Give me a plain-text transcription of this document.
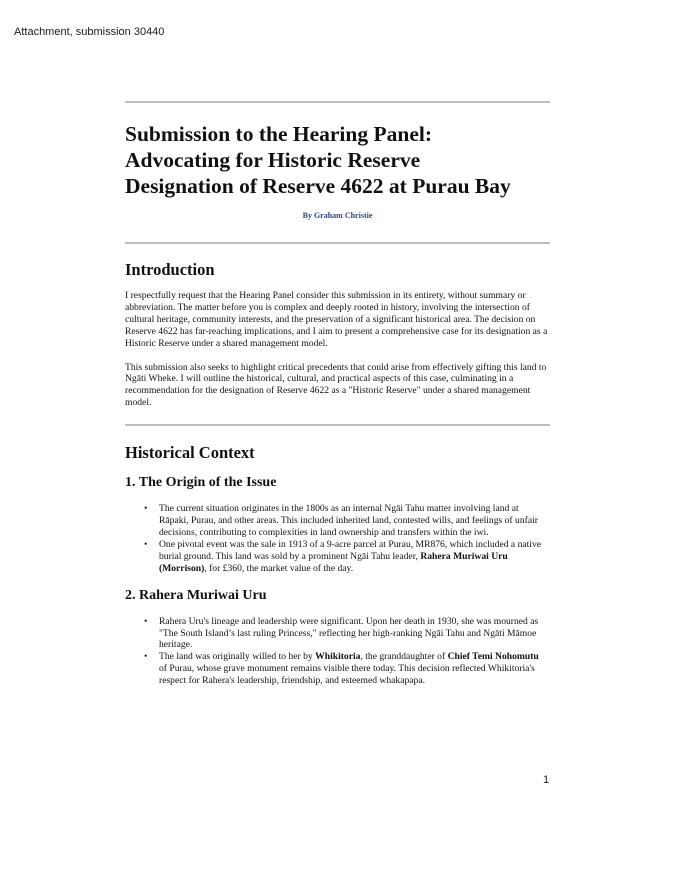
Attachment, submission 30440
Submission to the Hearing Panel:
Advocating for Historic Reserve
Designation of Reserve 4622 at Purau Bay
By Graham Christie
Introduction

I respectfully request that the Hearing Panel consider this submission in its entirety, without summary or abbreviation. The matter before you is complex and deeply rooted in history, involving the intersection of cultural heritage, community interests, and the preservation of a significant historical area. The decision on Reserve 4622 has far-reaching implications, and I aim to present a comprehensive case for its designation as a Historic Reserve under a shared management model.

This submission also seeks to highlight critical precedents that could arise from effectively gifting this land to Ngāti Wheke. I will outline the historical, cultural, and practical aspects of this case, culminating in a recommendation for the designation of Reserve 4622 as a "Historic Reserve" under a shared management model.

Historical Context
1. The Origin of the Issue
• The current situation originates in the 1800s as an internal Ngāi Tahu matter involving land at Rāpaki, Purau, and other areas. This included inherited land, contested wills, and feelings of unfair decisions, contributing to complexities in land ownership and transfers within the iwi.
• One pivotal event was the sale in 1913 of a 9-acre parcel at Purau, MR876, which included a native burial ground. This land was sold by a prominent Ngāi Tahu leader, Rahera Muriwai Uru (Morrison), for £360, the market value of the day.
2. Rahera Muriwai Uru
• Rahera Uru's lineage and leadership were significant. Upon her death in 1930, she was mourned as "The South Island’s last ruling Princess," reflecting her high-ranking Ngāi Tahu and Ngāti Māmoe heritage.
• The land was originally willed to her by Whikitoria, the granddaughter of Chief Temi Nohomutu of Purau, whose grave monument remains visible there today. This decision reflected Whikitoria's respect for Rahera's leadership, friendship, and esteemed whakapapa.
1
